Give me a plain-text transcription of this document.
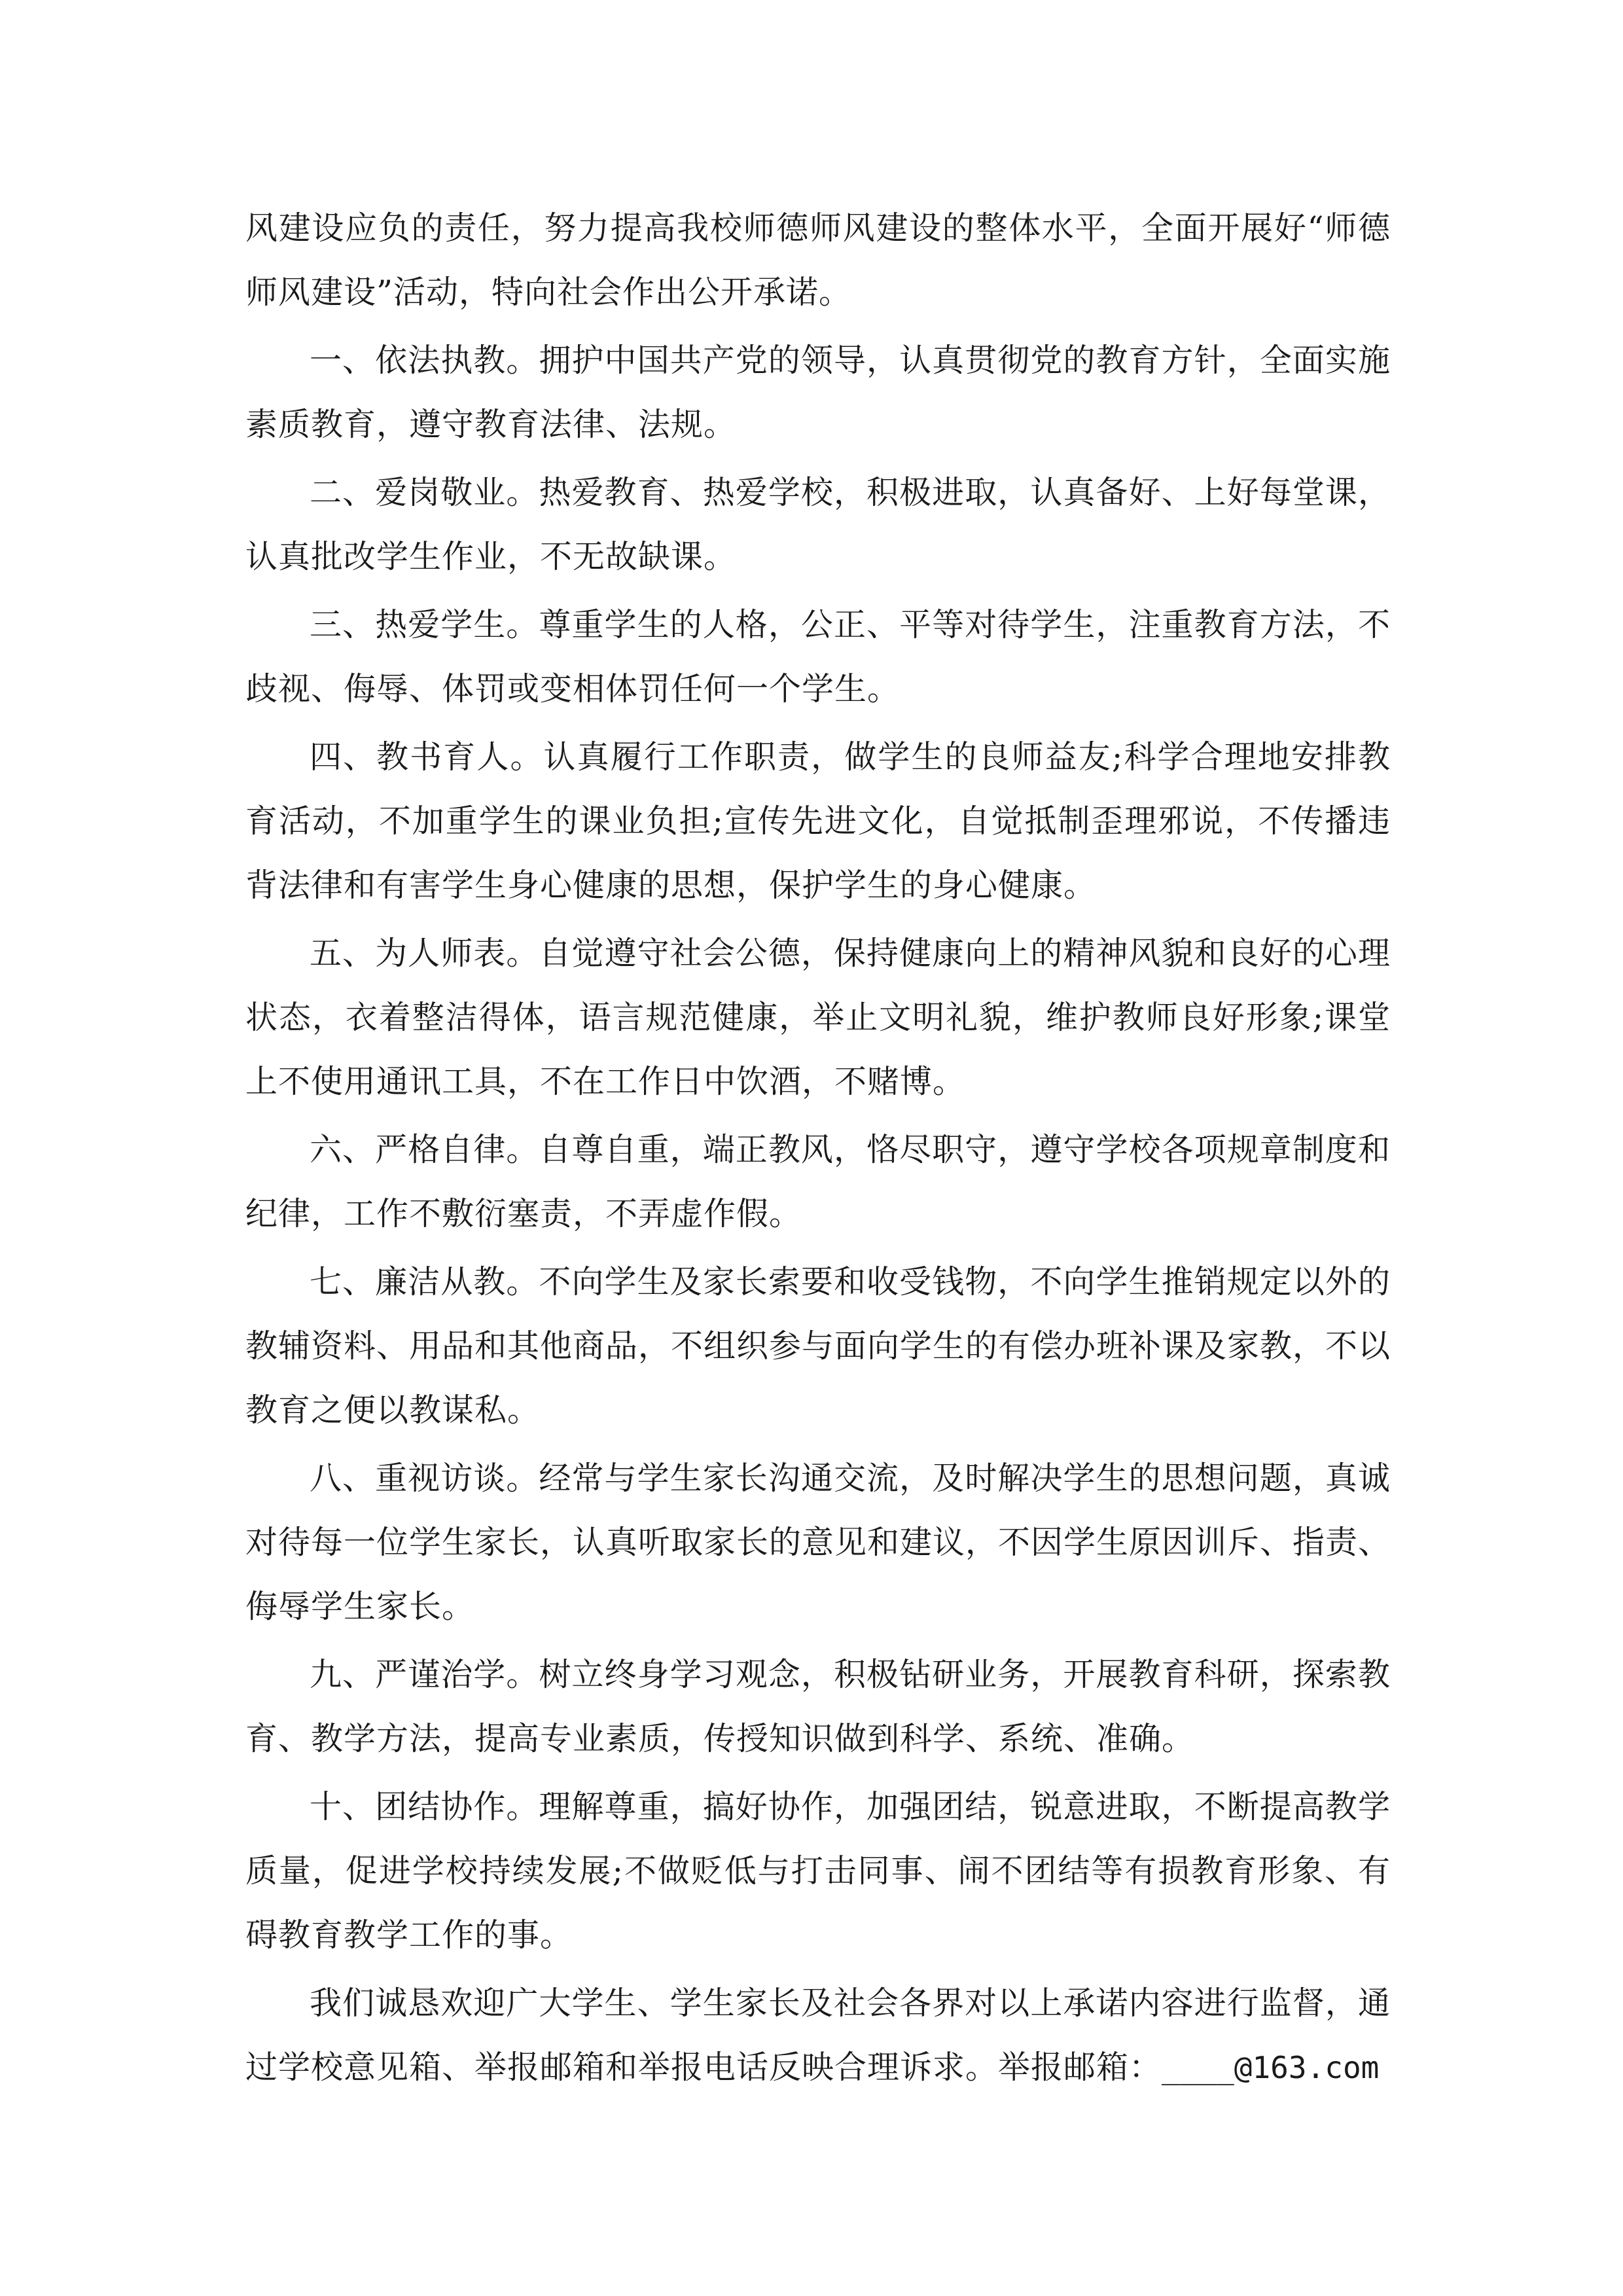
风建设应负的责任，努力提高我校师德师风建设的整体水平，全面开展好“师德师风建设”活动，特向社会作出公开承诺。

一、依法执教。拥护中国共产党的领导，认真贯彻党的教育方针，全面实施素质教育，遵守教育法律、法规。

二、爱岗敬业。热爱教育、热爱学校，积极进取，认真备好、上好每堂课，认真批改学生作业，不无故缺课。

三、热爱学生。尊重学生的人格，公正、平等对待学生，注重教育方法，不歧视、侮辱、体罚或变相体罚任何一个学生。

四、教书育人。认真履行工作职责，做学生的良师益友;科学合理地安排教育活动，不加重学生的课业负担;宣传先进文化，自觉抵制歪理邪说，不传播违背法律和有害学生身心健康的思想，保护学生的身心健康。

五、为人师表。自觉遵守社会公德，保持健康向上的精神风貌和良好的心理状态，衣着整洁得体，语言规范健康，举止文明礼貌，维护教师良好形象;课堂上不使用通讯工具，不在工作日中饮酒，不赌博。

六、严格自律。自尊自重，端正教风，恪尽职守，遵守学校各项规章制度和纪律，工作不敷衍塞责，不弄虚作假。

七、廉洁从教。不向学生及家长索要和收受钱物，不向学生推销规定以外的教辅资料、用品和其他商品，不组织参与面向学生的有偿办班补课及家教，不以教育之便以教谋私。

八、重视访谈。经常与学生家长沟通交流，及时解决学生的思想问题，真诚对待每一位学生家长，认真听取家长的意见和建议，不因学生原因训斥、指责、侮辱学生家长。

九、严谨治学。树立终身学习观念，积极钻研业务，开展教育科研，探索教育、教学方法，提高专业素质，传授知识做到科学、系统、准确。

十、团结协作。理解尊重，搞好协作，加强团结，锐意进取，不断提高教学质量，促进学校持续发展;不做贬低与打击同事、闹不团结等有损教育形象、有碍教育教学工作的事。

我们诚恳欢迎广大学生、学生家长及社会各界对以上承诺内容进行监督，通过学校意见箱、举报邮箱和举报电话反映合理诉求。举报邮箱：____@163.com
